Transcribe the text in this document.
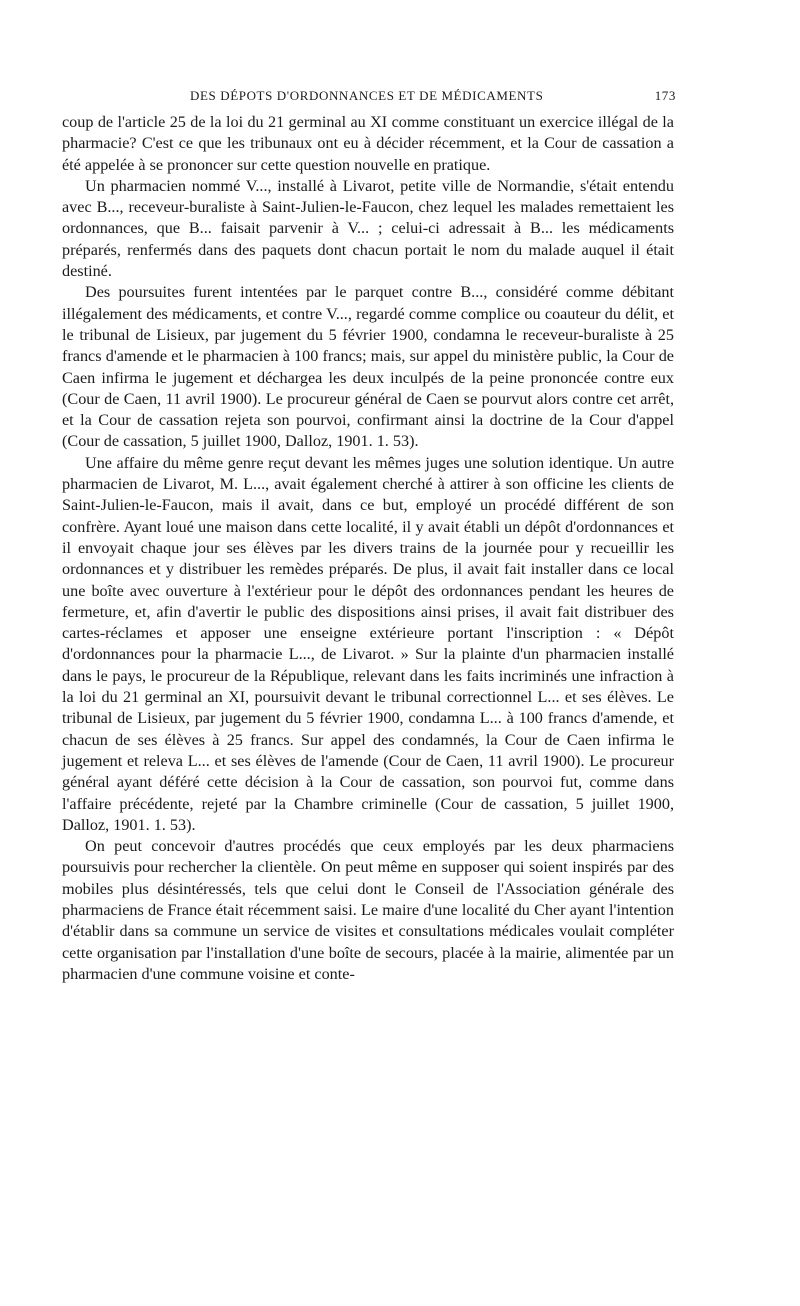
DES DÉPOTS D'ORDONNANCES ET DE MÉDICAMENTS	173

coup de l'article 25 de la loi du 21 germinal au XI comme constituant un exercice illégal de la pharmacie? C'est ce que les tribunaux ont eu à décider récemment, et la Cour de cassation a été appelée à se prononcer sur cette question nouvelle en pratique.

Un pharmacien nommé V..., installé à Livarot, petite ville de Normandie, s'était entendu avec B..., receveur-buraliste à Saint-Julien-le-Faucon, chez lequel les malades remettaient les ordonnances, que B... faisait parvenir à V... ; celui-ci adressait à B... les médicaments préparés, renfermés dans des paquets dont chacun portait le nom du malade auquel il était destiné.

Des poursuites furent intentées par le parquet contre B..., considéré comme débitant illégalement des médicaments, et contre V..., regardé comme complice ou coauteur du délit, et le tribunal de Lisieux, par jugement du 5 février 1900, condamna le receveur-buraliste à 25 francs d'amende et le pharmacien à 100 francs; mais, sur appel du ministère public, la Cour de Caen infirma le jugement et déchargea les deux inculpés de la peine prononcée contre eux (Cour de Caen, 11 avril 1900). Le procureur général de Caen se pourvut alors contre cet arrêt, et la Cour de cassation rejeta son pourvoi, confirmant ainsi la doctrine de la Cour d'appel (Cour de cassation, 5 juillet 1900, Dalloz, 1901. 1. 53).

Une affaire du même genre reçut devant les mêmes juges une solution identique. Un autre pharmacien de Livarot, M. L..., avait également cherché à attirer à son officine les clients de Saint-Julien-le-Faucon, mais il avait, dans ce but, employé un procédé différent de son confrère. Ayant loué une maison dans cette localité, il y avait établi un dépôt d'ordonnances et il envoyait chaque jour ses élèves par les divers trains de la journée pour y recueillir les ordonnances et y distribuer les remèdes préparés. De plus, il avait fait installer dans ce local une boîte avec ouverture à l'extérieur pour le dépôt des ordonnances pendant les heures de fermeture, et, afin d'avertir le public des dispositions ainsi prises, il avait fait distribuer des cartes-réclames et apposer une enseigne extérieure portant l'inscription : « Dépôt d'ordonnances pour la pharmacie L..., de Livarot. » Sur la plainte d'un pharmacien installé dans le pays, le procureur de la République, relevant dans les faits incriminés une infraction à la loi du 21 germinal an XI, poursuivit devant le tribunal correctionnel L... et ses élèves. Le tribunal de Lisieux, par jugement du 5 février 1900, condamna L... à 100 francs d'amende, et chacun de ses élèves à 25 francs. Sur appel des condamnés, la Cour de Caen infirma le jugement et releva L... et ses élèves de l'amende (Cour de Caen, 11 avril 1900). Le procureur général ayant déféré cette décision à la Cour de cassation, son pourvoi fut, comme dans l'affaire précédente, rejeté par la Chambre criminelle (Cour de cassation, 5 juillet 1900, Dalloz, 1901. 1. 53).

On peut concevoir d'autres procédés que ceux employés par les deux pharmaciens poursuivis pour rechercher la clientèle. On peut même en supposer qui soient inspirés par des mobiles plus désintéressés, tels que celui dont le Conseil de l'Association générale des pharmaciens de France était récemment saisi. Le maire d'une localité du Cher ayant l'intention d'établir dans sa commune un service de visites et consultations médicales voulait compléter cette organisation par l'installation d'une boîte de secours, placée à la mairie, alimentée par un pharmacien d'une commune voisine et conte-
